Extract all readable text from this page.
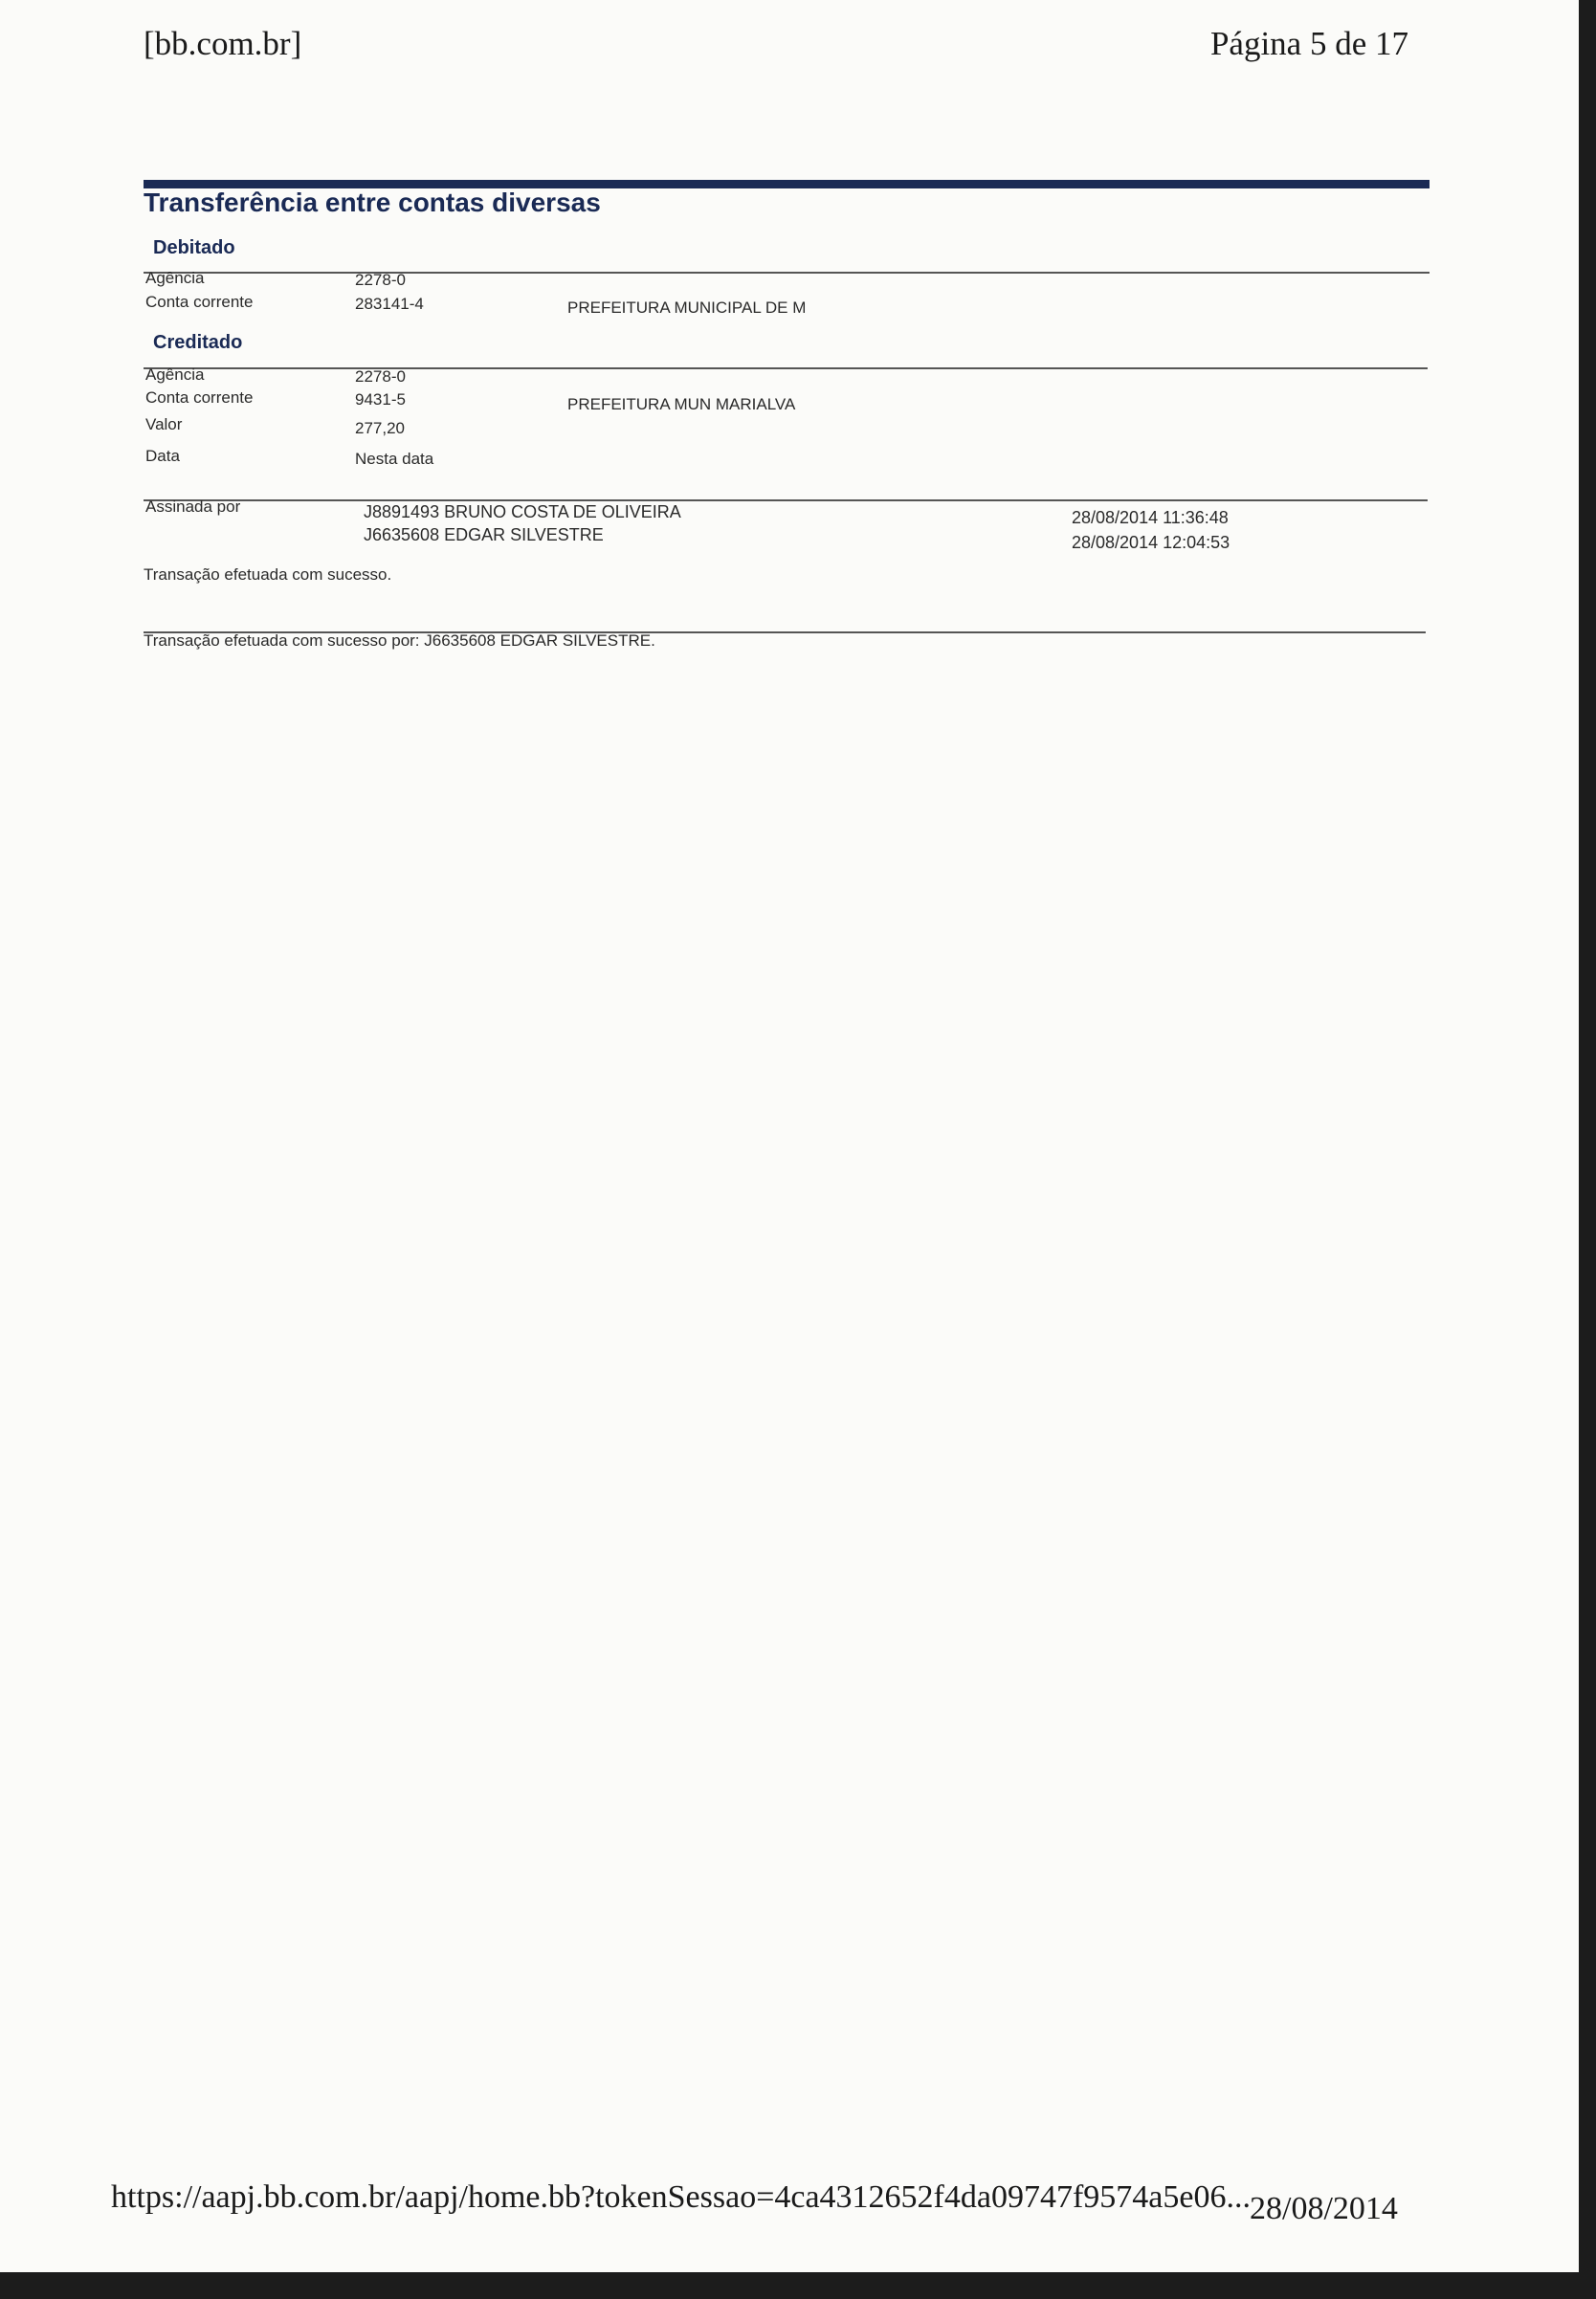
[bb.com.br]	Página 5 de 17
Transferência entre contas diversas
Debitado
Agência	2278-0
Conta corrente	283141-4	PREFEITURA MUNICIPAL DE M
Creditado
Agência	2278-0
Conta corrente	9431-5	PREFEITURA MUN MARIALVA
Valor	277,20
Data	Nesta data
Assinada por	J8891493 BRUNO COSTA DE OLIVEIRA	28/08/2014 11:36:48
J6635608 EDGAR SILVESTRE	28/08/2014 12:04:53
Transação efetuada com sucesso.
Transação efetuada com sucesso por: J6635608 EDGAR SILVESTRE.
https://aapj.bb.com.br/aapj/home.bb?tokenSessao=4ca4312652f4da09747f9574a5e06... 28/08/2014
